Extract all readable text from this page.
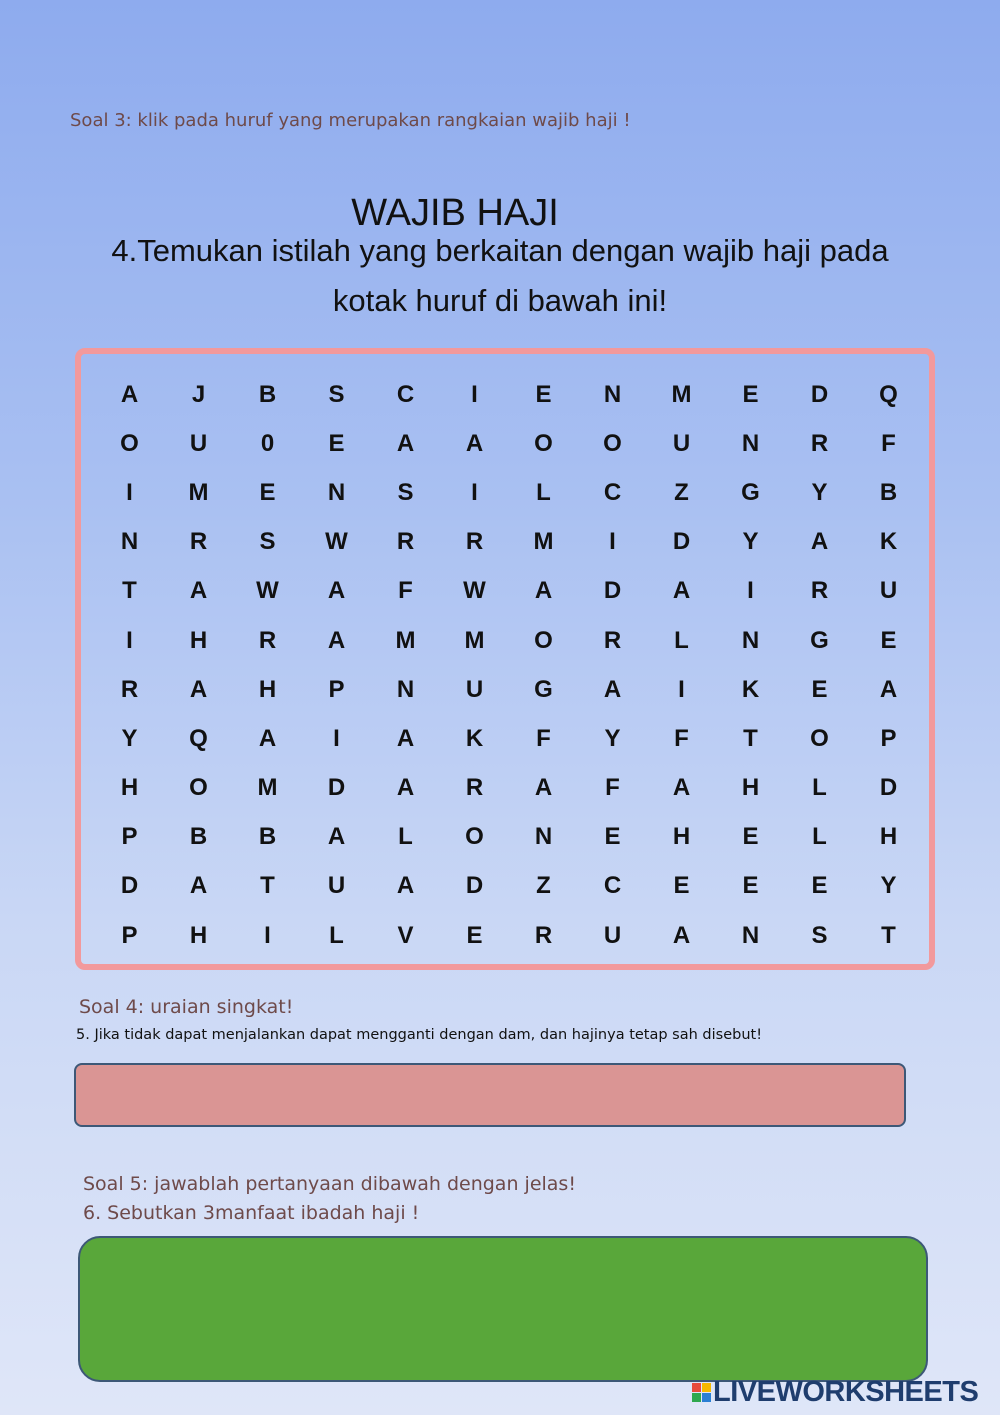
Soal 3: klik pada huruf yang merupakan rangkaian wajib haji !
WAJIB HAJI
4.Temukan istilah yang berkaitan dengan wajib haji pada
kotak huruf di bawah ini!
A	J	B	S	C	I	E	N	M	E	D	Q
O	U	0	E	A	A	O	O	U	N	R	F
I	M	E	N	S	I	L	C	Z	G	Y	B
N	R	S	W	R	R	M	I	D	Y	A	K
T	A	W	A	F	W	A	D	A	I	R	U
I	H	R	A	M	M	O	R	L	N	G	E
R	A	H	P	N	U	G	A	I	K	E	A
Y	Q	A	I	A	K	F	Y	F	T	O	P
H	O	M	D	A	R	A	F	A	H	L	D
P	B	B	A	L	O	N	E	H	E	L	H
D	A	T	U	A	D	Z	C	E	E	E	Y
P	H	I	L	V	E	R	U	A	N	S	T
Soal 4: uraian singkat!
5. Jika tidak dapat menjalankan dapat mengganti dengan dam, dan hajinya tetap sah disebut!
Soal 5: jawablah pertanyaan dibawah dengan jelas!
6. Sebutkan 3manfaat ibadah haji !
LIVEWORKSHEETS
